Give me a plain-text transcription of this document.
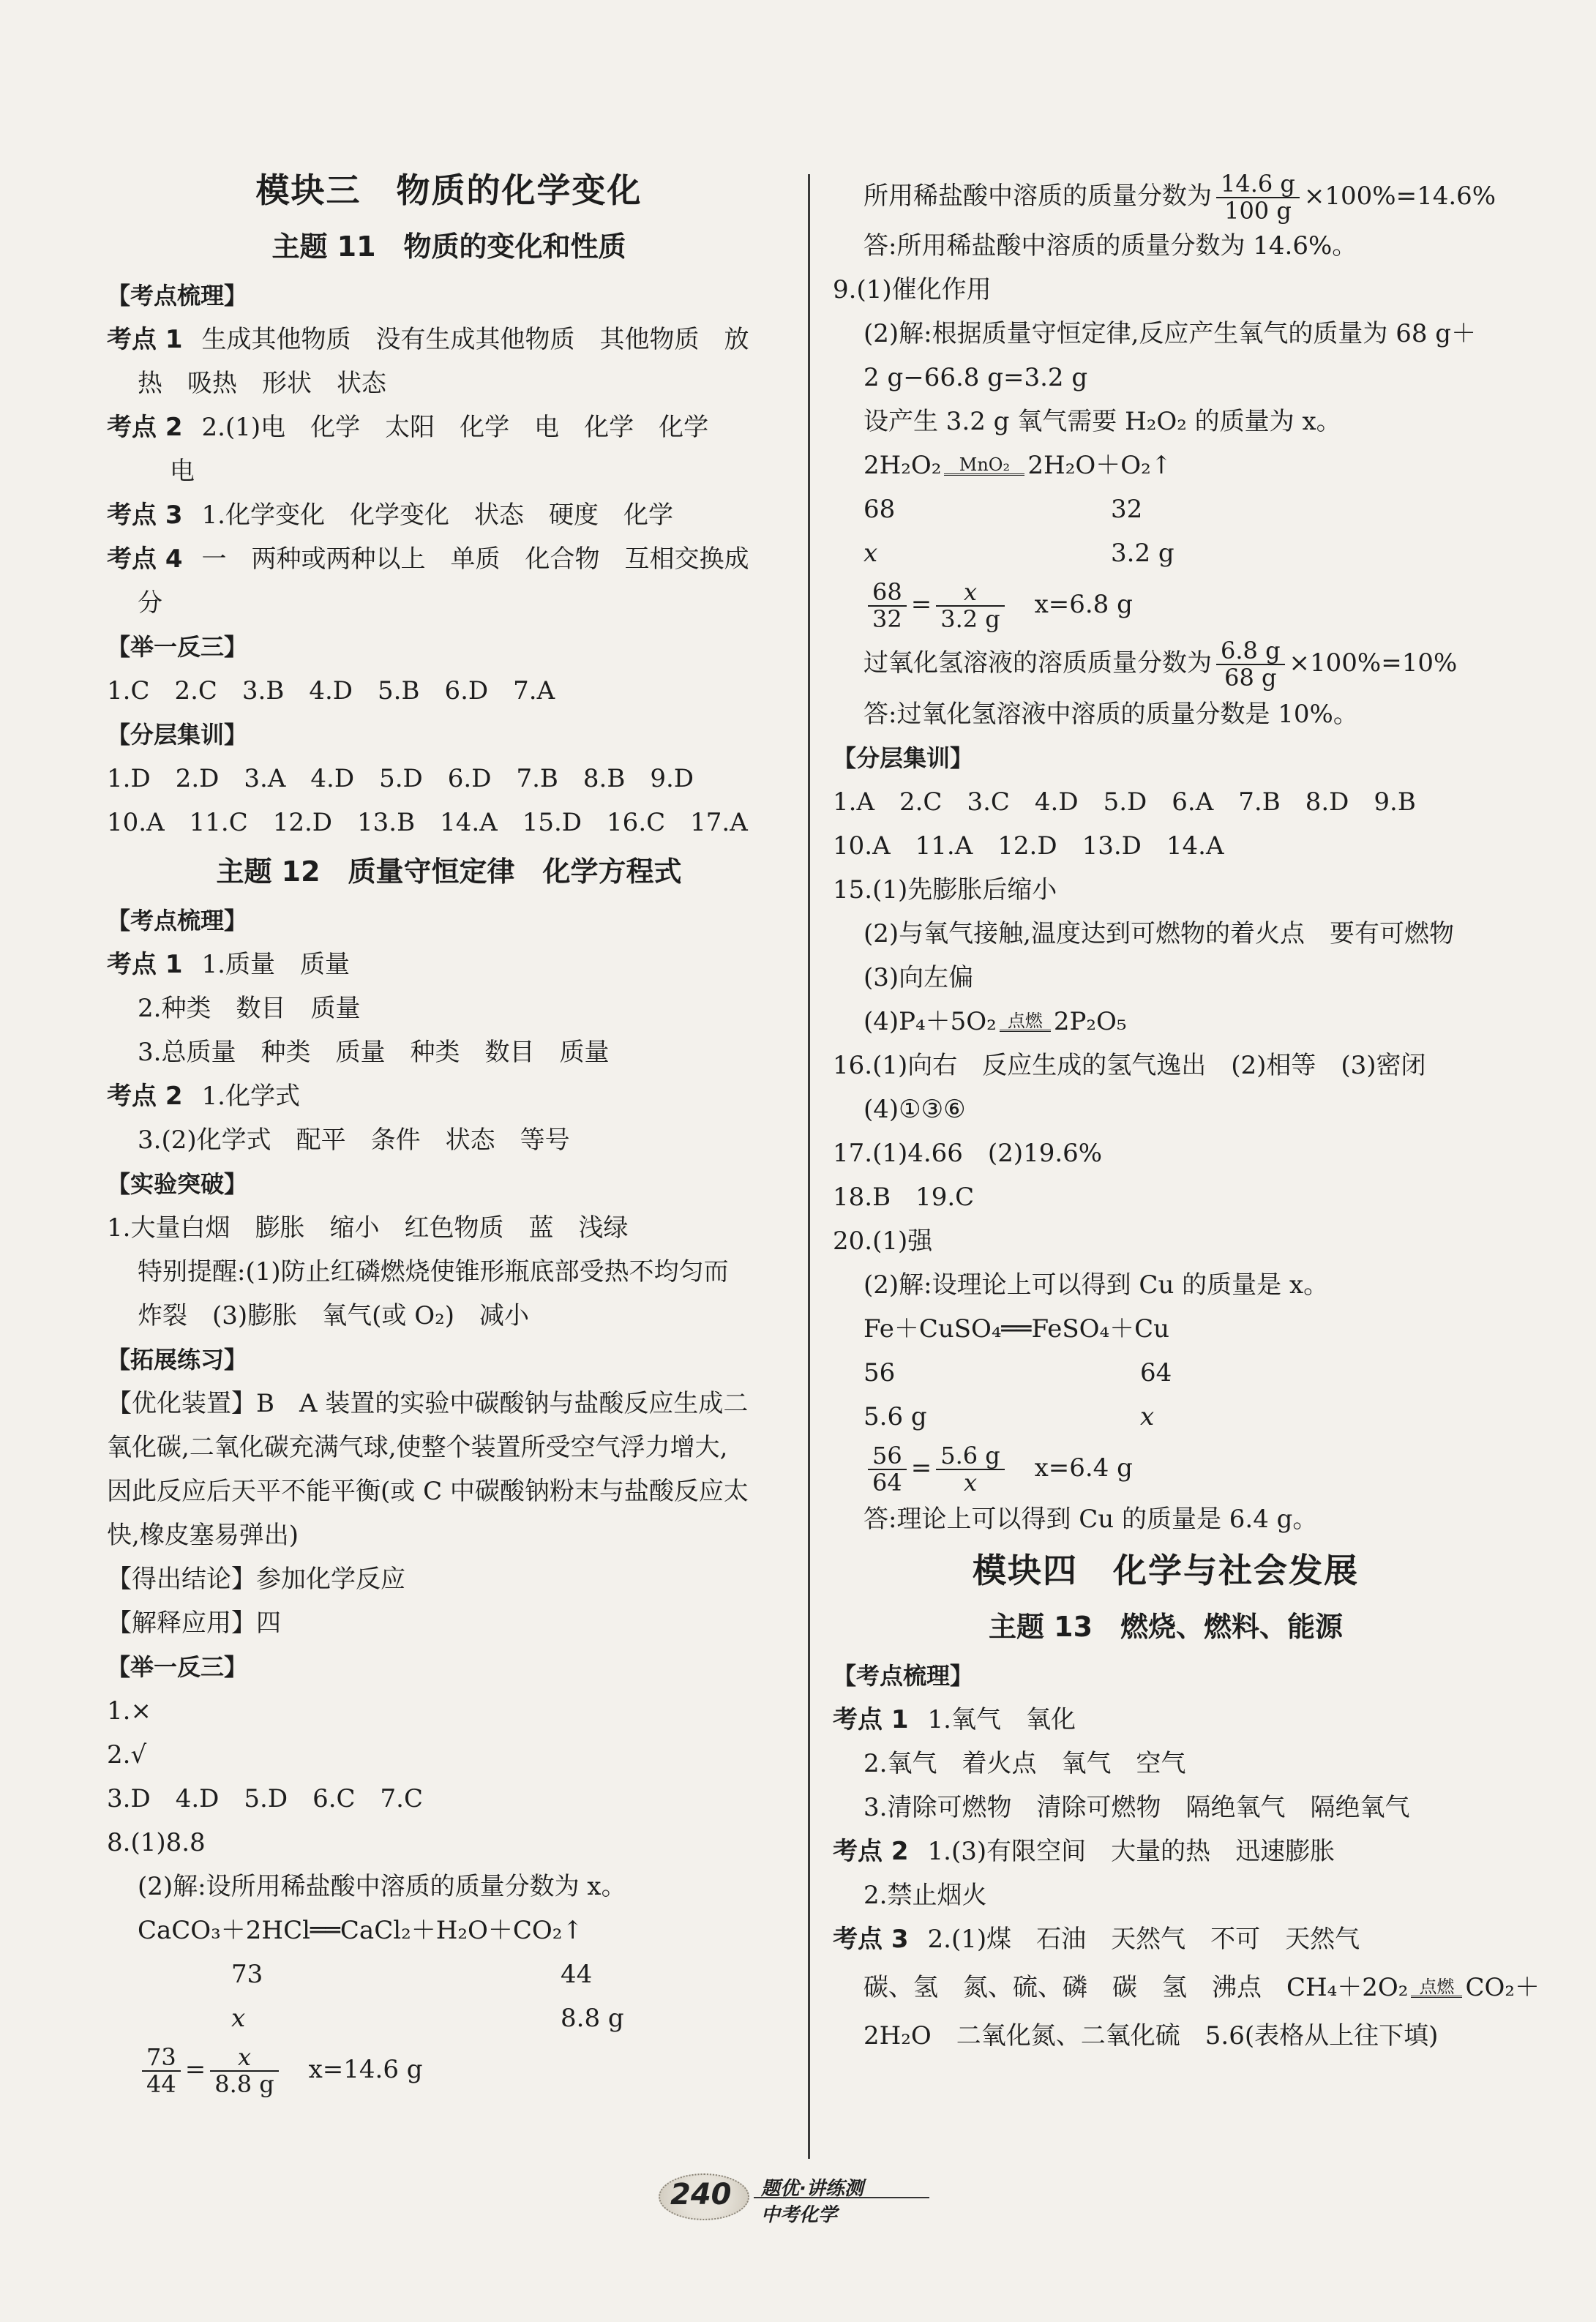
模块三　物质的化学变化
主题 11　物质的变化和性质
【考点梳理】
考点 1 生成其他物质　没有生成其他物质　其他物质　放
热　吸热　形状　状态
考点 2 2.(1)电　化学　太阳　化学　电　化学　化学
电
考点 3 1.化学变化　化学变化　状态　硬度　化学
考点 4 一　两种或两种以上　单质　化合物　互相交换成
分
【举一反三】
1.C　2.C　3.B　4.D　5.B　6.D　7.A
【分层集训】
1.D　2.D　3.A　4.D　5.D　6.D　7.B　8.B　9.D
10.A　11.C　12.D　13.B　14.A　15.D　16.C　17.A
主题 12　质量守恒定律　化学方程式
【考点梳理】
考点 1 1.质量　质量
2.种类　数目　质量
3.总质量　种类　质量　种类　数目　质量
考点 2 1.化学式
3.(2)化学式　配平　条件　状态　等号
【实验突破】
1.大量白烟　膨胀　缩小　红色物质　蓝　浅绿
特别提醒:(1)防止红磷燃烧使锥形瓶底部受热不均匀而
炸裂　(3)膨胀　氧气(或 O₂)　减小
【拓展练习】
【优化装置】B　A 装置的实验中碳酸钠与盐酸反应生成二
氧化碳,二氧化碳充满气球,使整个装置所受空气浮力增大,
因此反应后天平不能平衡(或 C 中碳酸钠粉末与盐酸反应太
快,橡皮塞易弹出)
【得出结论】参加化学反应
【解释应用】四
【举一反三】
1.×
2.√
3.D　4.D　5.D　6.C　7.C
8.(1)8.8
(2)解:设所用稀盐酸中溶质的质量分数为 x。
CaCO₃＋2HCl══CaCl₂＋H₂O＋CO₂↑
73	44
x	8.8 g
$\frac{73}{44} = \frac{x}{8.8 g} x=14.6$ g
所用稀盐酸中溶质的质量分数为 $\frac{14.6 g}{100 g} \times 100\%=14.6\%$
答:所用稀盐酸中溶质的质量分数为 14.6%。
9.(1)催化作用
(2)解:根据质量守恒定律,反应产生氧气的质量为 68 g＋
2 g−66.8 g=3.2 g
设产生 3.2 g 氧气需要 H₂O₂ 的质量为 x。
2H₂O₂	MnO₂ 2H₂O＋O₂↑
68	32
x	3.2 g
$\frac{68}{32} = \frac{x}{3.2 g} x=6.8$ g
过氧化氢溶液的溶质质量分数为 $\frac{6.8 g}{68 g} \times 100\%=10\%$
答:过氧化氢溶液中溶质的质量分数是 10%。
【分层集训】
1.A　2.C　3.C　4.D　5.D　6.A　7.B　8.D　9.B
10.A　11.A　12.D　13.D　14.A
15.(1)先膨胀后缩小
(2)与氧气接触,温度达到可燃物的着火点　要有可燃物
(3)向左偏
(4)P₄＋5O₂ 点燃 2P₂O₅
16.(1)向右　反应生成的氢气逸出　(2)相等　(3)密闭
(4)①③⑥
17.(1)4.66　(2)19.6%
18.B　19.C
20.(1)强
(2)解:设理论上可以得到 Cu 的质量是 x。
Fe＋CuSO₄══FeSO₄＋Cu
56	64
5.6 g	x
$\frac{56}{64} = \frac{5.6 g}{x} x=6.4$ g
答:理论上可以得到 Cu 的质量是 6.4 g。
模块四　化学与社会发展
主题 13　燃烧、燃料、能源
【考点梳理】
考点 1 1.氧气　氧化
2.氧气　着火点　氧气　空气
3.清除可燃物　清除可燃物　隔绝氧气　隔绝氧气
考点 2 1.(3)有限空间　大量的热　迅速膨胀
2.禁止烟火
考点 3 2.(1)煤　石油　天然气　不可　天然气
碳、氢　氮、硫、磷　碳　氢　沸点　CH₄＋2O₂ 点燃 CO₂＋
2H₂O　二氧化氮、二氧化硫　5.6(表格从上往下填)
240 题优·讲练测
中考化学
